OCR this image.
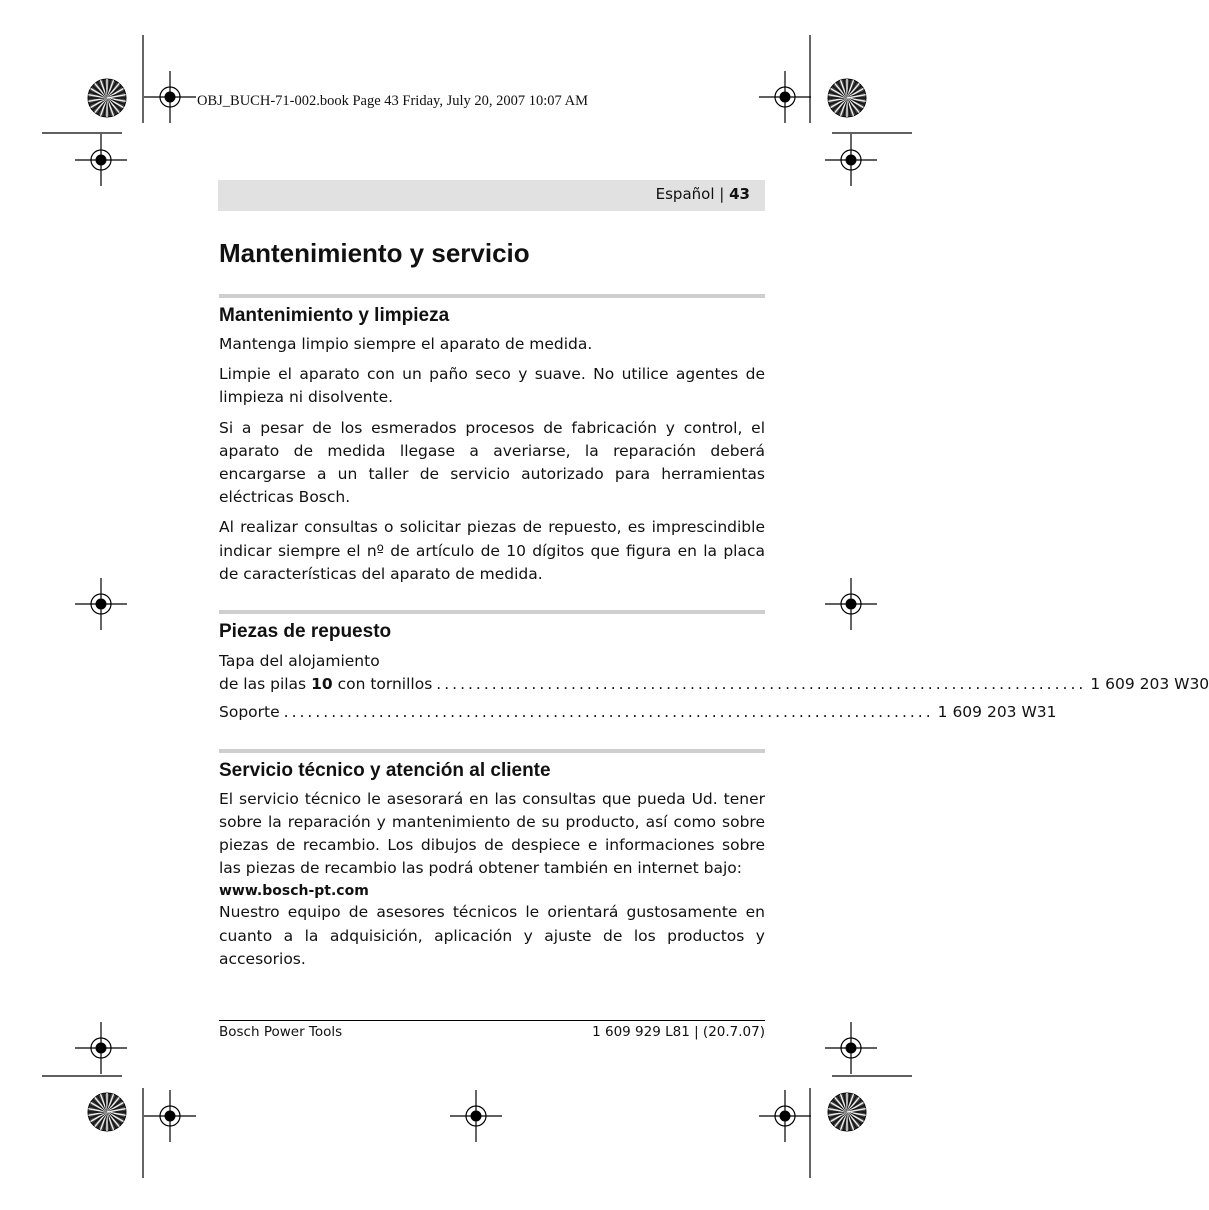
OBJ_BUCH-71-002.book Page 43 Friday, July 20, 2007 10:07 AM
Español | 43
Mantenimiento y servicio
Mantenimiento y limpieza

Mantenga limpio siempre el aparato de medida.

Limpie el aparato con un paño seco y suave. No utilice agentes de limpieza ni disolvente.

Si a pesar de los esmerados procesos de fabricación y control, el aparato de medida llegase a averiarse, la reparación deberá encargarse a un taller de servicio autorizado para herramientas eléctricas Bosch.

Al realizar consultas o solicitar piezas de repuesto, es imprescindible indicar siempre el nº de artículo de 10 dígitos que figura en la placa de características del aparato de medida.

Piezas de repuesto
Tapa del alojamiento
de las pilas 10 con tornillos .................................................................................. 1 609 203 W30
Soporte .................................................................................. 1 609 203 W31
Servicio técnico y atención al cliente

El servicio técnico le asesorará en las consultas que pueda Ud. tener sobre la reparación y mantenimiento de su producto, así como sobre piezas de recambio. Los dibujos de despiece e informaciones sobre las piezas de recambio las podrá obtener también en internet bajo:

www.bosch-pt.com

Nuestro equipo de asesores técnicos le orientará gustosamente en cuanto a la adquisición, aplicación y ajuste de los productos y accesorios.

Bosch Power Tools	1 609 929 L81 | (20.7.07)
